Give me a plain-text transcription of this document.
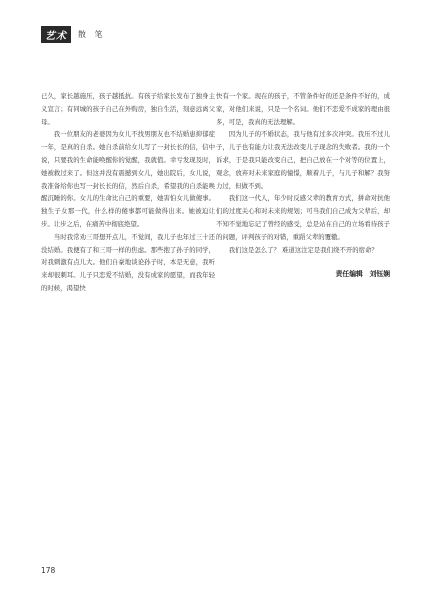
艺术	散 笔

已久，家长越施压，孩子越抵抗。有孩子给家长发布了独身主义宣言；有同城的孩子自己在外购房，独自生活，刻意远离父母。

我一位朋友的老婆因为女儿不找男朋友也不结婚患抑郁症一年，是真的自杀。她自杀前给女儿写了一封长长的信，信中说，只要我的生命能唤醒你的觉醒，我就值。幸亏发现及时，她被救过来了。但这并没有震撼到女儿，她出院后，女儿说，我准备给你也写一封长长的信，然后自杀，希望我的自杀能唤醒沉睡的你。女儿的生命比自己的重要，她害怕女儿做傻事。独生子女那一代，什么样的傻事都可能做得出来。她被迫让步。让步之后，在痛苦中彻底绝望。

当时我常劝三哥想开点儿，不觉间，我儿子也年过三十还没结婚。我便有了和三哥一样的焦虑。那些抱了孙子的同学，对我刺激有点儿大。他们自豪地谈论孙子时，本是无意，我听来却很刺耳。儿子只恋爱不结婚，没有成家的愿望，而我年轻的时候，渴望快

快有一个家。现在的孩子，不管条件好的还是条件不好的，成家，对他们来说，只是一个名词。他们不恋爱不成家的理由很多，可是，我真的无法理解。

因为儿子的不婚状态，我与他有过多次冲突。我压不过儿子，儿子也有能力让我无法改变儿子现念的失败者。我的一个诉求，于是我只能改变自己，把自己放在一个对等的位置上，观念，放弃对未来家庭的憧憬，顺着儿子，与儿子和解？我努力过，但做不到。

我们这一代人，年少时反感父辈的教育方式，拼命对抗他们的过度关心和对未来的规划；可当我们自己成为父辈后，却不知不觉地忘记了曾经的感受，总是站在自己的立场看待孩子的问题，评判孩子的对错，重蹈父辈的覆辙。

我们这是怎么了？ 难道这注定是我们绕不开的宿命？

责任编辑　刘钰娴
178
